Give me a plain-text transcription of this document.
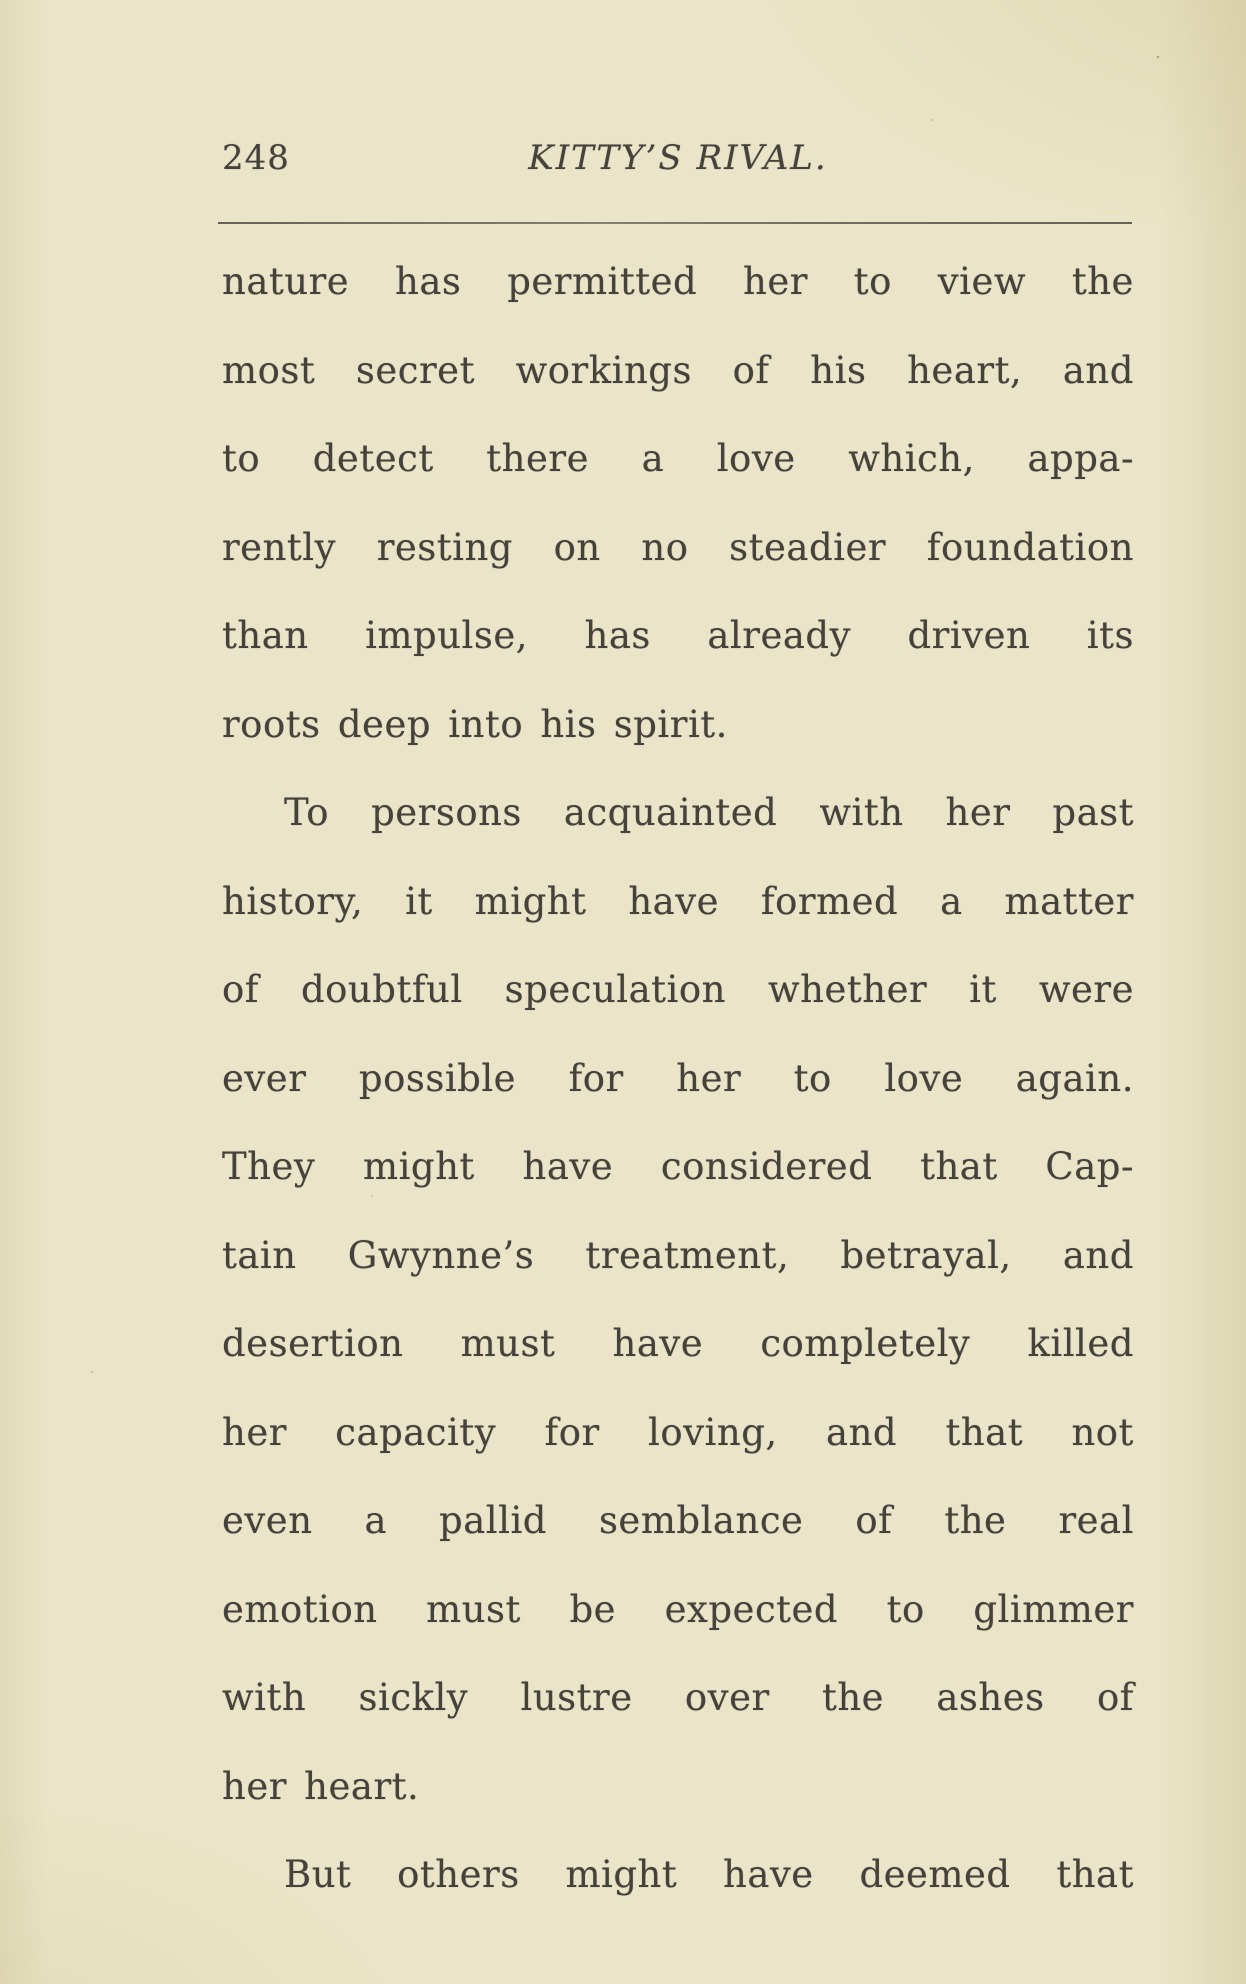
248	KITTY’S RIVAL.
nature has permitted her to view the
most secret workings of his heart, and
to detect there a love which, appa-
rently resting on no steadier foundation
than impulse, has already driven its
roots deep into his spirit.
To persons acquainted with her past
history, it might have formed a matter
of doubtful speculation whether it were
ever possible for her to love again.
They might have considered that Cap-
tain Gwynne’s treatment, betrayal, and
desertion must have completely killed
her capacity for loving, and that not
even a pallid semblance of the real
emotion must be expected to glimmer
with sickly lustre over the ashes of
her heart.
But others might have deemed that
